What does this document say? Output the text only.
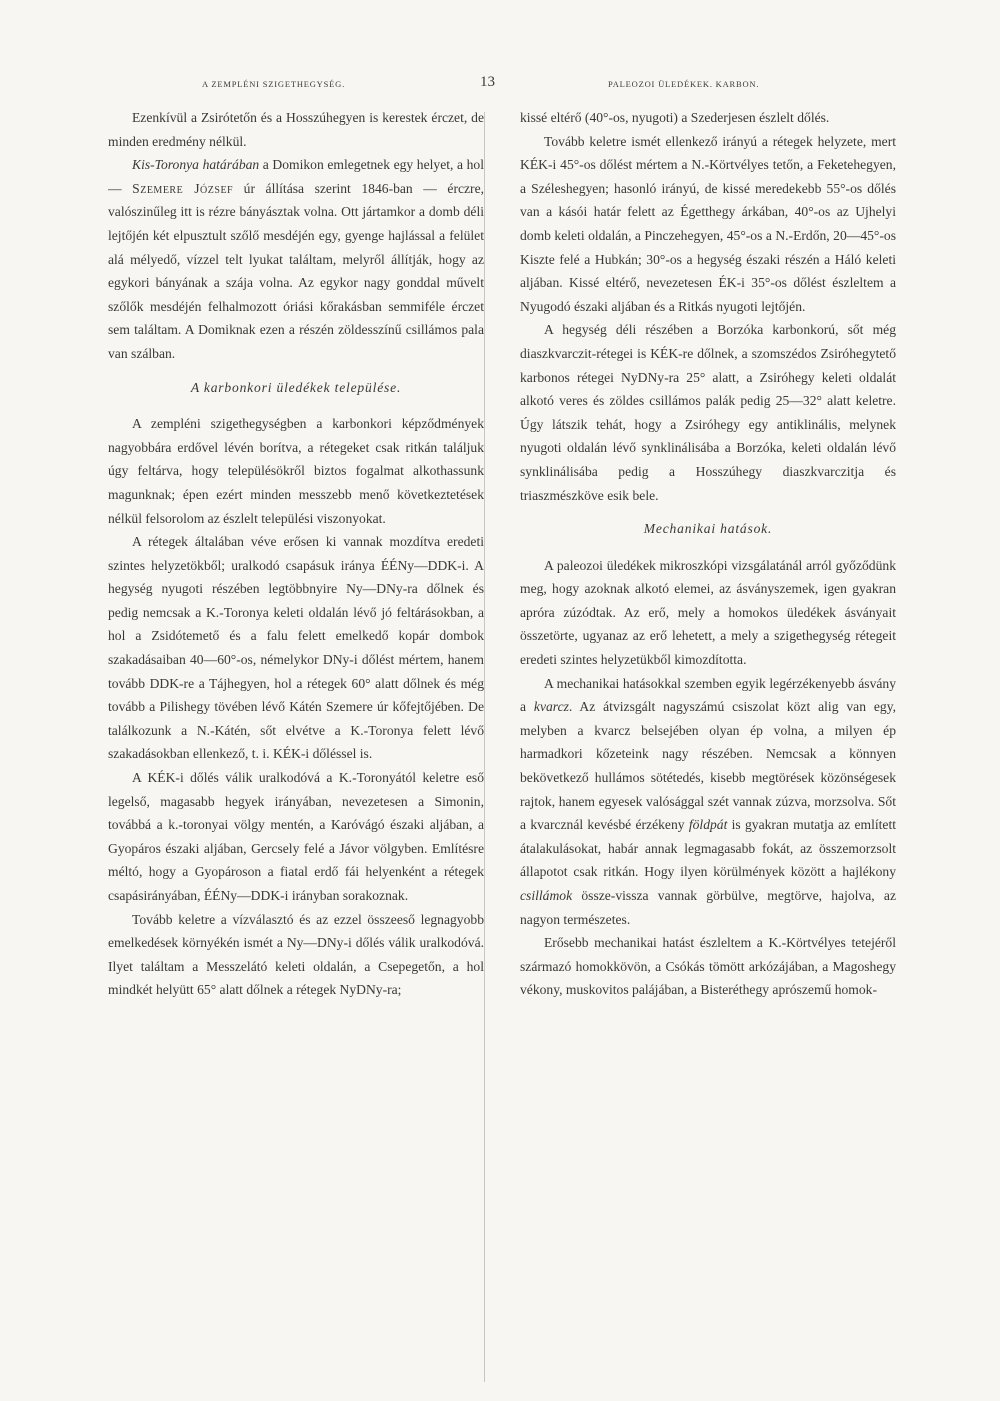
A ZEMPLÉNI SZIGETHEGYSÉG.	13	PALEOZOI ÜLEDÉKEK. KARBON.

Ezenkívül a Zsirótetőn és a Hosszúhegyen is kerestek érczet, de minden eredmény nélkül.

Kis-Toronya határában a Domikon emlegetnek egy helyet, a hol — Szemere József úr állítása szerint 1846-ban — érczre, valószinűleg itt is rézre bányásztak volna. Ott jártamkor a domb déli lejtőjén két elpusztult szőlő mesdéjén egy, gyenge hajlással a felület alá mélyedő, vízzel telt lyukat találtam, melyről állítják, hogy az egykori bányának a szája volna. Az egykor nagy gonddal művelt szőlők mesdéjén felhalmozott óriási kőrakásban semmiféle érczet sem találtam. A Domiknak ezen a részén zöldesszínű csillámos pala van szálban.

A karbonkori üledékek települése.

A zempléni szigethegységben a karbonkori képződmények nagyobbára erdővel lévén borítva, a rétegeket csak ritkán találjuk úgy feltárva, hogy településökről biztos fogalmat alkothassunk magunknak; épen ezért minden messzebb menő következtetések nélkül felsorolom az észlelt települési viszonyokat.

A rétegek általában véve erősen ki vannak mozdítva eredeti szintes helyzetökből; uralkodó csapásuk iránya ÉÉNy—DDK-i. A hegység nyugoti részében legtöbbnyire Ny—DNy-ra dőlnek és pedig nemcsak a K.-Toronya keleti oldalán lévő jó feltárásokban, a hol a Zsidótemető és a falu felett emelkedő kopár dombok szakadásaiban 40—60°-os, némelykor DNy-i dőlést mértem, hanem tovább DDK-re a Tájhegyen, hol a rétegek 60° alatt dőlnek és még tovább a Pilishegy tövében lévő Kátén Szemere úr kőfejtőjében. De találkozunk a N.-Kátén, sőt elvétve a K.-Toronya felett lévő szakadásokban ellenkező, t. i. KÉK-i dőléssel is.

A KÉK-i dőlés válik uralkodóvá a K.-Toronyától keletre eső legelső, magasabb hegyek irányában, nevezetesen a Simonin, továbbá a k.-toronyai völgy mentén, a Karóvágó északi aljában, a Gyopáros északi aljában, Gercsely felé a Jávor völgyben. Említésre méltó, hogy a Gyopároson a fiatal erdő fái helyenként a rétegek csapásirányában, ÉÉNy—DDK-i irányban sorakoznak.

Tovább keletre a vízválasztó és az ezzel összeeső legnagyobb emelkedések környékén ismét a Ny—DNy-i dőlés válik uralkodóvá. Ilyet találtam a Messzelátó keleti oldalán, a Csepegetőn, a hol mindkét helyütt 65° alatt dőlnek a rétegek NyDNy-ra;

kissé eltérő (40°-os, nyugoti) a Szederjesen észlelt dőlés.

Tovább keletre ismét ellenkező irányú a rétegek helyzete, mert KÉK-i 45°-os dőlést mértem a N.-Körtvélyes tetőn, a Feketehegyen, a Széleshegyen; hasonló irányú, de kissé meredekebb 55°-os dőlés van a kásói határ felett az Égetthegy árkában, 40°-os az Ujhelyi domb keleti oldalán, a Pinczehegyen, 45°-os a N.-Erdőn, 20—45°-os Kiszte felé a Hubkán; 30°-os a hegység északi részén a Háló keleti aljában. Kissé eltérő, nevezetesen ÉK-i 35°-os dőlést észleltem a Nyugodó északi aljában és a Ritkás nyugoti lejtőjén.

A hegység déli részében a Borzóka karbonkorú, sőt még diaszkvarczit-rétegei is KÉK-re dőlnek, a szomszédos Zsiróhegytető karbonos rétegei NyDNy-ra 25° alatt, a Zsiróhegy keleti oldalát alkotó veres és zöldes csillámos palák pedig 25—32° alatt keletre. Úgy látszik tehát, hogy a Zsiróhegy egy antiklinális, melynek nyugoti oldalán lévő synklinálisába a Borzóka, keleti oldalán lévő synklinálisába pedig a Hosszúhegy diaszkvarczitja és triaszmészköve esik bele.

Mechanikai hatások.

A paleozoi üledékek mikroszkópi vizsgálatánál arról győződünk meg, hogy azoknak alkotó elemei, az ásványszemek, igen gyakran apróra zúzódtak. Az erő, mely a homokos üledékek ásványait összetörte, ugyanaz az erő lehetett, a mely a szigethegység rétegeit eredeti szintes helyzetükből kimozdította.

A mechanikai hatásokkal szemben egyik legérzékenyebb ásvány a kvarcz. Az átvizsgált nagyszámú csiszolat közt alig van egy, melyben a kvarcz belsejében olyan ép volna, a milyen ép harmadkori kőzeteink nagy részében. Nemcsak a könnyen bekövetkező hullámos sötétedés, kisebb megtörések közönségesek rajtok, hanem egyesek valósággal szét vannak zúzva, morzsolva. Sőt a kvarcznál kevésbé érzékeny földpát is gyakran mutatja az említett átalakulásokat, habár annak legmagasabb fokát, az összemorzsolt állapotot csak ritkán. Hogy ilyen körülmények között a hajlékony csillámok össze-vissza vannak görbülve, megtörve, hajolva, az nagyon természetes.

Erősebb mechanikai hatást észleltem a K.-Körtvélyes tetejéről származó homokkövön, a Csókás tömött arkózájában, a Magoshegy vékony, muskovitos palájában, a Bisteréthegy aprószemű homok-
